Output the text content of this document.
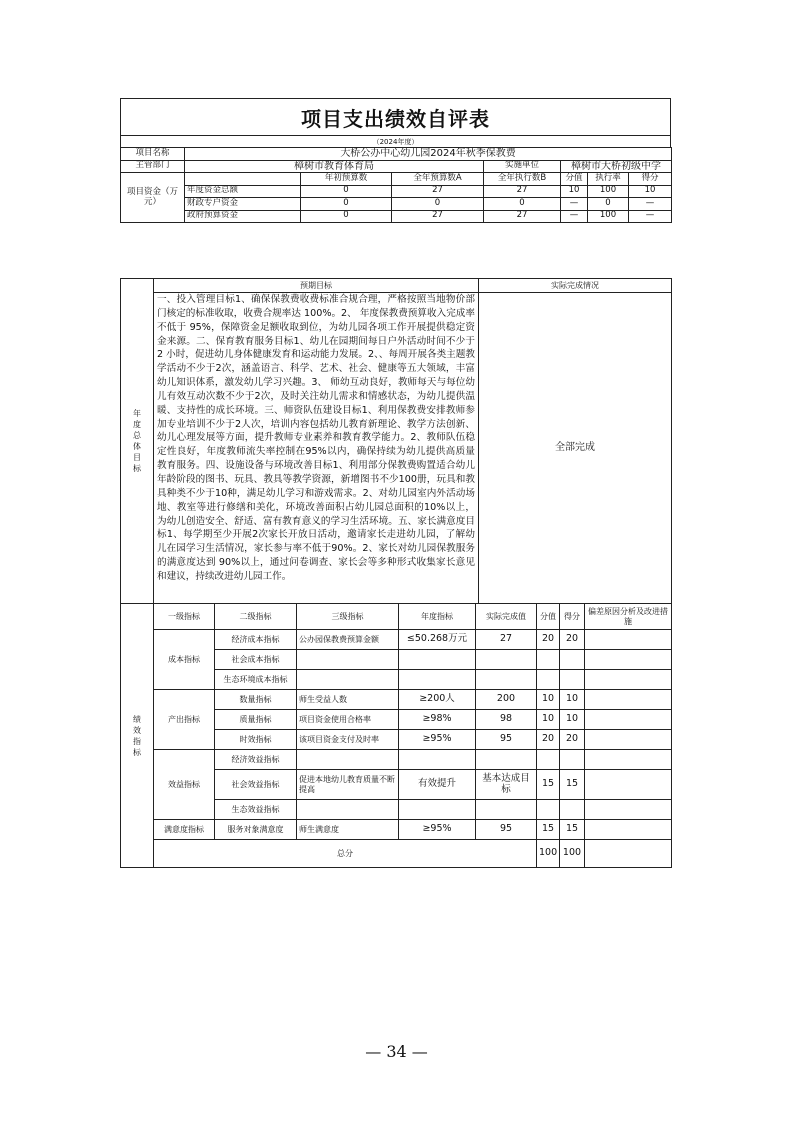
项目支出绩效自评表
（2024年度）
项目名称	大桥公办中心幼儿园2024年秋季保教费						
主管部门	樟树市教育体育局			实施单位	樟树市大桥初级中学		
项目资金（万元）		年初预算数	全年预算数A	全年执行数B	分值	执行率	得分
	年度资金总额	0	27	27	10	100	10
	财政专户资金	0	0	0	—	0	—
	政府预算资金	0	27	27	—	100	—
年度总体目标	预期目标	实际完成情况
	一、投入管理目标1、确保保教费收费标准合规合理，严格按照当地物价部门核定的标准收取，收费合规率达 100%。2、 年度保教费预算收入完成率不低于 95%，保障资金足额收取到位，为幼儿园各项工作开展提供稳定资金来源。二、保育教育服务目标1、幼儿在园期间每日户外活动时间不少于 2 小时，促进幼儿身体健康发育和运动能力发展。2、、每周开展各类主题教学活动不少于2次，涵盖语言、科学、艺术、社会、健康等五大领域，丰富幼儿知识体系，激发幼儿学习兴趣。3、 师幼互动良好，教师每天与每位幼儿有效互动次数不少于2次，及时关注幼儿需求和情感状态，为幼儿提供温暖、支持性的成长环境。三、师资队伍建设目标1、利用保教费安排教师参加专业培训不少于2人次，培训内容包括幼儿教育新理论、教学方法创新、幼儿心理发展等方面，提升教师专业素养和教育教学能力。2、教师队伍稳定性良好，年度教师流失率控制在95%以内，确保持续为幼儿提供高质量教育服务。四、设施设备与环境改善目标1、利用部分保教费购置适合幼儿年龄阶段的图书、玩具、教具等教学资源，新增图书不少100册，玩具和教具种类不少于10种，满足幼儿学习和游戏需求。2、对幼儿园室内外活动场地、教室等进行修缮和美化，环境改善面积占幼儿园总面积的10%以上，为幼儿创造安全、舒适、富有教育意义的学习生活环境。五、家长满意度目标1、每学期至少开展2次家长开放日活动，邀请家长走进幼儿园，了解幼儿在园学习生活情况，家长参与率不低于90%。2、家长对幼儿园保教服务的满意度达到 90%以上，通过问卷调查、家长会等多种形式收集家长意见和建议，持续改进幼儿园工作。	全部完成
绩效指标	一级指标	二级指标	三级指标	年度指标	实际完成值	分值	得分	偏差原因分析及改进措施
	成本指标	经济成本指标	公办园保教费预算金额	≤50.268万元	27	20	20	
		社会成本指标						
		生态环境成本指标						
	产出指标	数量指标	师生受益人数	≥200人	200	10	10	
		质量指标	项目资金使用合格率	≥98%	98	10	10	
		时效指标	该项目资金支付及时率	≥95%	95	20	20	
	效益指标	经济效益指标						
		社会效益指标	促进本地幼儿教育质量不断提高	有效提升	基本达成目标	15	15	
		生态效益指标						
	满意度指标	服务对象满意度	师生满意度	≥95%	95	15	15	
	总分					100	100	
— 34 —
